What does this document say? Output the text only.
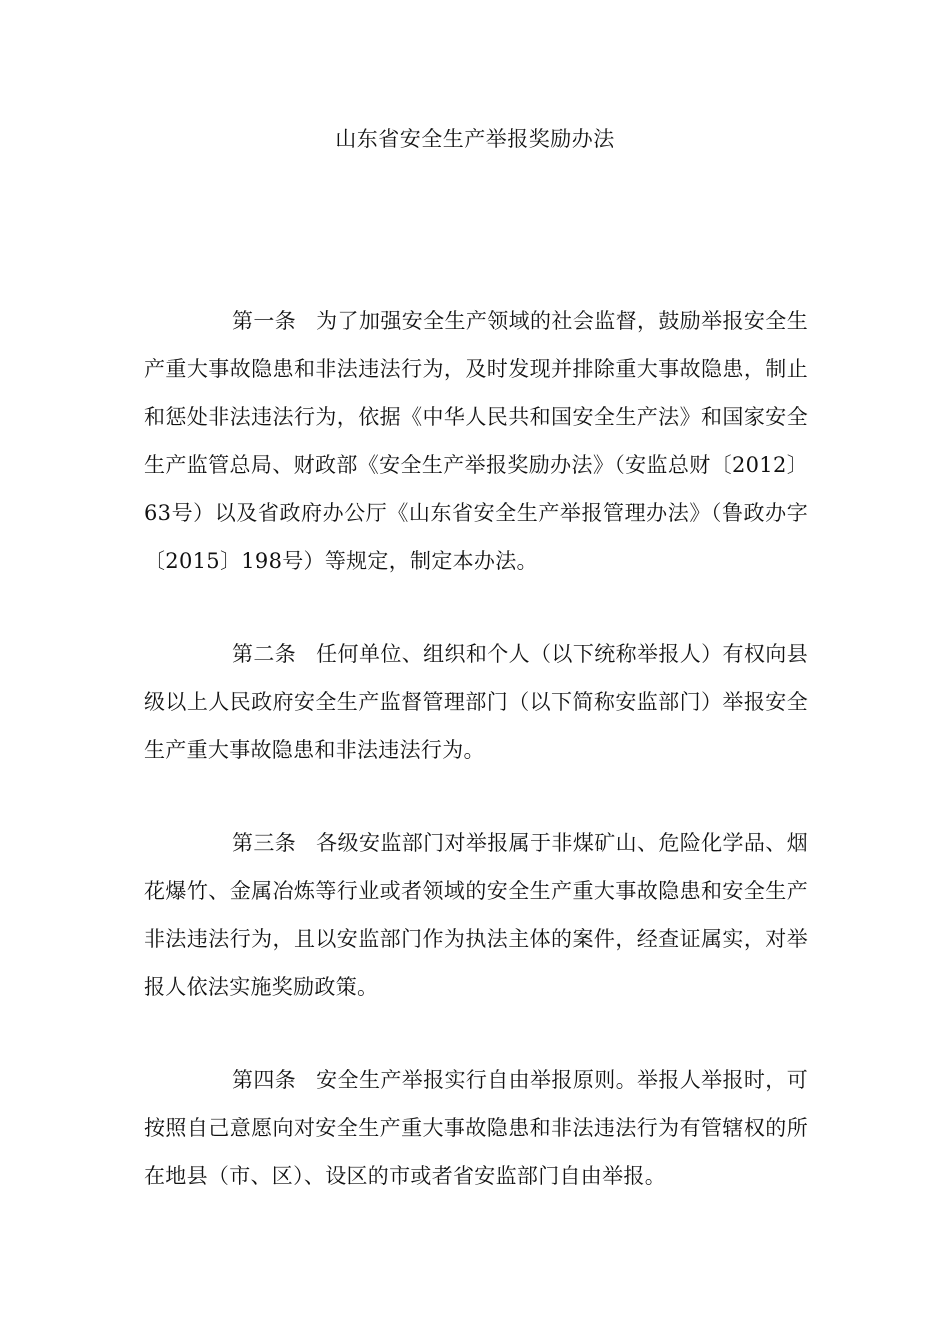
山东省安全生产举报奖励办法

第一条 为了加强安全生产领域的社会监督，鼓励举报安全生产重大事故隐患和非法违法行为，及时发现并排除重大事故隐患，制止和惩处非法违法行为，依据《中华人民共和国安全生产法》和国家安全生产监管总局、财政部《安全生产举报奖励办法》（安监总财〔2012〕63号）以及省政府办公厅《山东省安全生产举报管理办法》（鲁政办字〔2015〕198号）等规定，制定本办法。

第二条 任何单位、组织和个人（以下统称举报人）有权向县级以上人民政府安全生产监督管理部门（以下简称安监部门）举报安全生产重大事故隐患和非法违法行为。

第三条 各级安监部门对举报属于非煤矿山、危险化学品、烟花爆竹、金属冶炼等行业或者领域的安全生产重大事故隐患和安全生产非法违法行为，且以安监部门作为执法主体的案件，经查证属实，对举报人依法实施奖励政策。

第四条 安全生产举报实行自由举报原则。举报人举报时，可按照自己意愿向对安全生产重大事故隐患和非法违法行为有管辖权的所在地县（市、区）、设区的市或者省安监部门自由举报。
